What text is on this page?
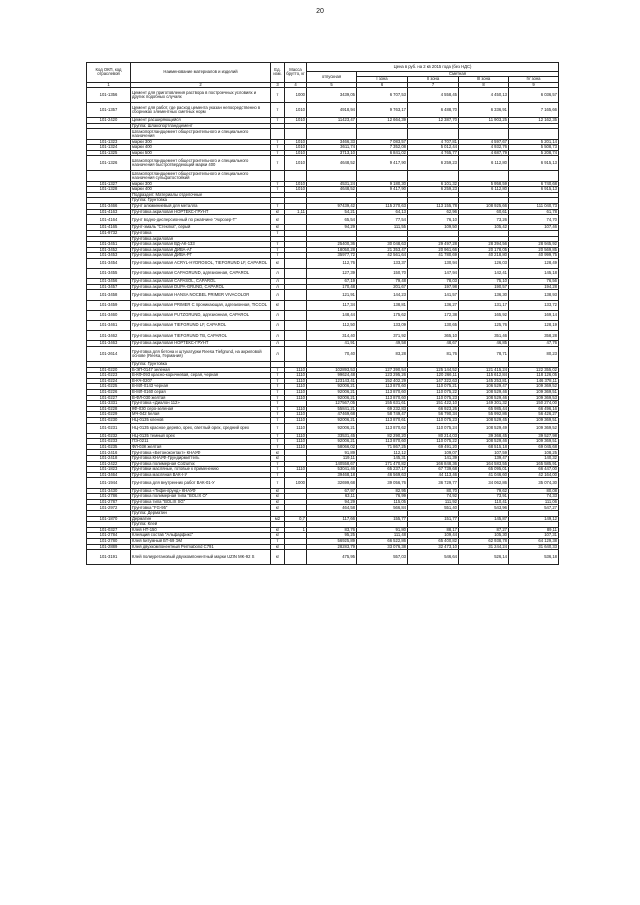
20
Код ОКП, код отраслевой	Наименование материалов и изделий	Ед. изм.	Масса брутто, кг	Цена в руб. на 2 кв 2015 года (без НДС)				
				отпускная	Сметная			
					I зона	II зона	III зона	IV зона
1	2	3	4	5	6	7	8	9
101-1356	Цемент для приготовления раствора в построечных условиях и других подобных случаях	т	1000	3439,05	6 707,53	4 558,45	4 450,13	6 036,57
101-1357	Цемент для работ, где расход цемента указан непосредственно в сборниках элементных сметных норм	т	1010	4918,94	9 763,17	6 488,70	6 336,91	7 165,66
101-2420	Цемент расширяющийся	т	1010	11423,47	12 664,39	12 387,70	11 903,25	12 162,35
	Группа: Шлакопортландцемент							
	Шлакопортландцемент общестроительного и специального назначения							
101-1323	марки 300	т	1010	3466,33	7 083,57	4 707,81	4 597,67	5 201,14
101-1324	марки 400	т	1010	3611,74	7 352,08	5 012,44	4 932,76	5 508,73
101-1325	марки 500	т	1010	3713,10	6 841,02	4 765,77	4 687,79	5 208,74
101-1326	Шлакопортландцемент общестроительного и специального назначения быстротвердеющий марки 400	т	1010	4648,52	9 417,90	6 259,23	6 112,80	6 915,13
	Шлакопортландцемент общестроительного и специального назначения сульфатостойкий							
101-1327	марки 300	т	1010	4531,24	9 180,30	6 101,32	5 958,59	6 740,68
101-1328	марки 400	т	1010	4648,52	9 417,90	6 259,23	6 112,80	6 915,13
	Подраздел: Материалы отделочные							
	Группа: Грунтовка							
101-3466	Грунт алюминиевый для металла	т		97439,42	115 270,63	113 155,78	108 925,66	111 040,73
101-4163	Грунтовка акриловая НОРТЕКС-ГРУНТ	кг	1,11	54,21	64,13	62,96	60,61	61,78
101-4164	Грунт водно-дисперсионный по ржавчине "Акрозер-Т"	кг		65,54	77,54	76,10	73,26	74,70
101-4165	Грунт-эмаль "Стеклка", серый	кг		94,29	111,55	109,50	105,42	107,46
101-9732	Грунтовка	т						
	Грунтовка акриловая							
101-3451	Грунтовка акриловая ВД-АК-133	т		25400,36	30 048,63	29 497,28	28 394,56	28 945,92
101-3452	Грунтовка акриловая ДИВА-АГ	т		18050,28	21 353,47	20 961,66	20 178,05	20 569,85
101-3453	Грунтовка акриловая ДИВА-РГ	т		35977,72	42 561,64	41 780,69	40 218,80	40 999,75
101-3454	Грунтовка акриловая ACRYL-HYDROSOL, TIEFGRUND LF, CAPAROL	кг		112,76	133,37	130,94	126,03	128,49
101-3455	Грунтовка акриловая CAPAGRUND, адгезионная, CAPAROL	л		127,39	150,70	147,94	142,41	145,18
101-3456	Грунтовка акриловая CAPASOL, CAPAROL	л		67,19	79,48	78,03	75,10	76,56
101-3457	Грунтовка акриловая DUPA-GRUND, CAPAROL	л		170,48	201,67	197,98	190,57	194,28
101-3458	Грунтовка акриловая HANSA NOCBEL PRIMER VIVACOLOR	л		121,91	144,23	141,57	136,30	138,93
101-3459	Грунтовка акриловая PRIMER C проникающая, адгезионная, TICCOL	кг		117,34	138,81	136,27	131,17	133,72
101-3460	Грунтовка акриловая PUTZGRUND, адгезионная, CAPAROL	л		148,44	175,62	172,38	165,92	169,14
101-3461	Грунтовка акриловая TIEFGRUND LF, CAPAROL	л		112,50	133,09	130,65	125,76	128,19
101-3462	Грунтовка акриловая TIEFGRUND TB, CAPAROL	л		314,40	371,92	365,10	351,46	358,28
101-3463	Грунтовка акриловая НОРТЕКС-ГРУНТ	л		41,91	49,58	48,67	46,85	47,76
101-2614	Грунтовка для бетона и штукатурки Reesa Tiefgrund, на акриловой основе (Reesa, Германия)	л		70,40	83,28	81,76	78,71	80,23
	Группа: Грунтовка							
101-0220	Б-ЭП-0147 зеленая	т	1110	102893,53	127 390,54	125 144,52	121 415,24	122 355,02
101-0223	В-КФ-093 красно-коричневая, серая, черная	т	1110	99624,48	123 295,26	120 266,11	115 612,84	118 126,05
101-0224	В-КЧ-0207	т	1110	123143,41	152 402,29	147 322,63	145 253,81	146 378,11
101-0225	В-МЛ-0143 черная	т	1110	92006,21	113 870,60	110 075,21	106 529,47	109 369,52
101-0226	В-МЛ-0160 серая	т	1110	92006,21	113 870,60	110 075,22	108 529,46	109 369,51
101-0227	В-ФЛ-030 желтая	т	1110	92006,21	113 870,60	110 075,23	108 529,46	109 369,53
101-3331	Грунтовка «Диалон 112»	т		127567,05	155 631,61	151 422,10	149 301,32	150 274,00
101-0228	КФ-030 серо-зеленая	т	1110	55841,21	69 232,83	66 923,26	65 985,44	66 496,16
101-0229	МЧ-042 белая	т	1110	47469,68	58 749,47	56 790,34	55 992,86	56 426,27
101-0230	НЦ-0135 кленов	т	1110	92006,21	113 870,61	110 075,23	108 529,45	109 369,51
101-0231	НЦ-0135 красное дерево, орех, светлый орех, средний орех	т	1110	92006,21	113 870,62	110 075,24	108 529,49	109 369,52
101-0232	НЦ-0135 темный орех	т	1110	33531,45	82 290,20	80 214,03	39 368,45	39 527,98
101-0233	ПЭ-0211	т	1110	92006,21	113 870,60	110 075,22	108 529,46	109 369,51
101-0235	ФЛ-03К желтая	т	1110	58066,02	71 867,25	69 491,20	68 515,18	69 045,68
101-2416	Грунтовка «Бетоноконтакт» КНАУФ	кг		91,89	112,12	109,07	107,59	108,25
101-2418	Грунтовка КНАУФ-Грундирмиттель	кг		119,11	145,31	141,39	139,47	140,32
101-2422	Грунтовка полимерная Colzumix	т		140558,67	171 470,82	166 848,36	164 583,55	165 585,91
101-1823	Грунтовки масляные, готовые к применению	т	1110	53041,46	65 237,17	67 739,68	65 095,01	66 447,00
101-3464	Грунтовка масляная ВАК-І-У	т		39468,18	46 569,63	44 113,46	41 046,60	42 164,00
101-1944	Грунтовка для внутренних работ ВАК-01-У	т	1000	32699,68	39 056,76	36 729,77	34 062,86	35 074,30
101-3430	Грунтовка «Тифенгрунд» КНАУФ	кг		67,97	82,95	80,70	79,62	80,08
101-2786	Грунтовка полимерная типа "BOLIX O"	кг		63,11	76,99	74,92	73,91	74,33
101-2787	Грунтовка типа "BOLIX SG"	кг		94,29	115,05	111,92	110,41	111,06
101-2972	Грунтовка "FG-95"	кг		464,58	566,84	551,40	543,96	547,27
	Группа: Дерматин							
101-1870	Дерматин	м2	0,7	117,66	155,77	151,77	145,87	149,12
	Группа: Клей							
101-0327	Клей НТ-150	кг	1	83,76	91,80	88,17	87,27	89,11
101-2784	Клеящий состав "Альфарфикс"	кг		95,25	111,48	109,44	105,30	107,31
101-2780	Клей битумный БТ-69 ЭМ	т		56925,89	66 522,86	65 400,82	62 938,78	64 129,38
101-2889	Клей двухкомпонентный Permabond C791	кг		28283,79	33 076,38	32 473,10	31 244,24	31 640,33
101-3191	Клей полиуретановый двухкомпонентный марки UZIN MK-92 S	кг		475,95	557,03	546,64	526,14	536,18
